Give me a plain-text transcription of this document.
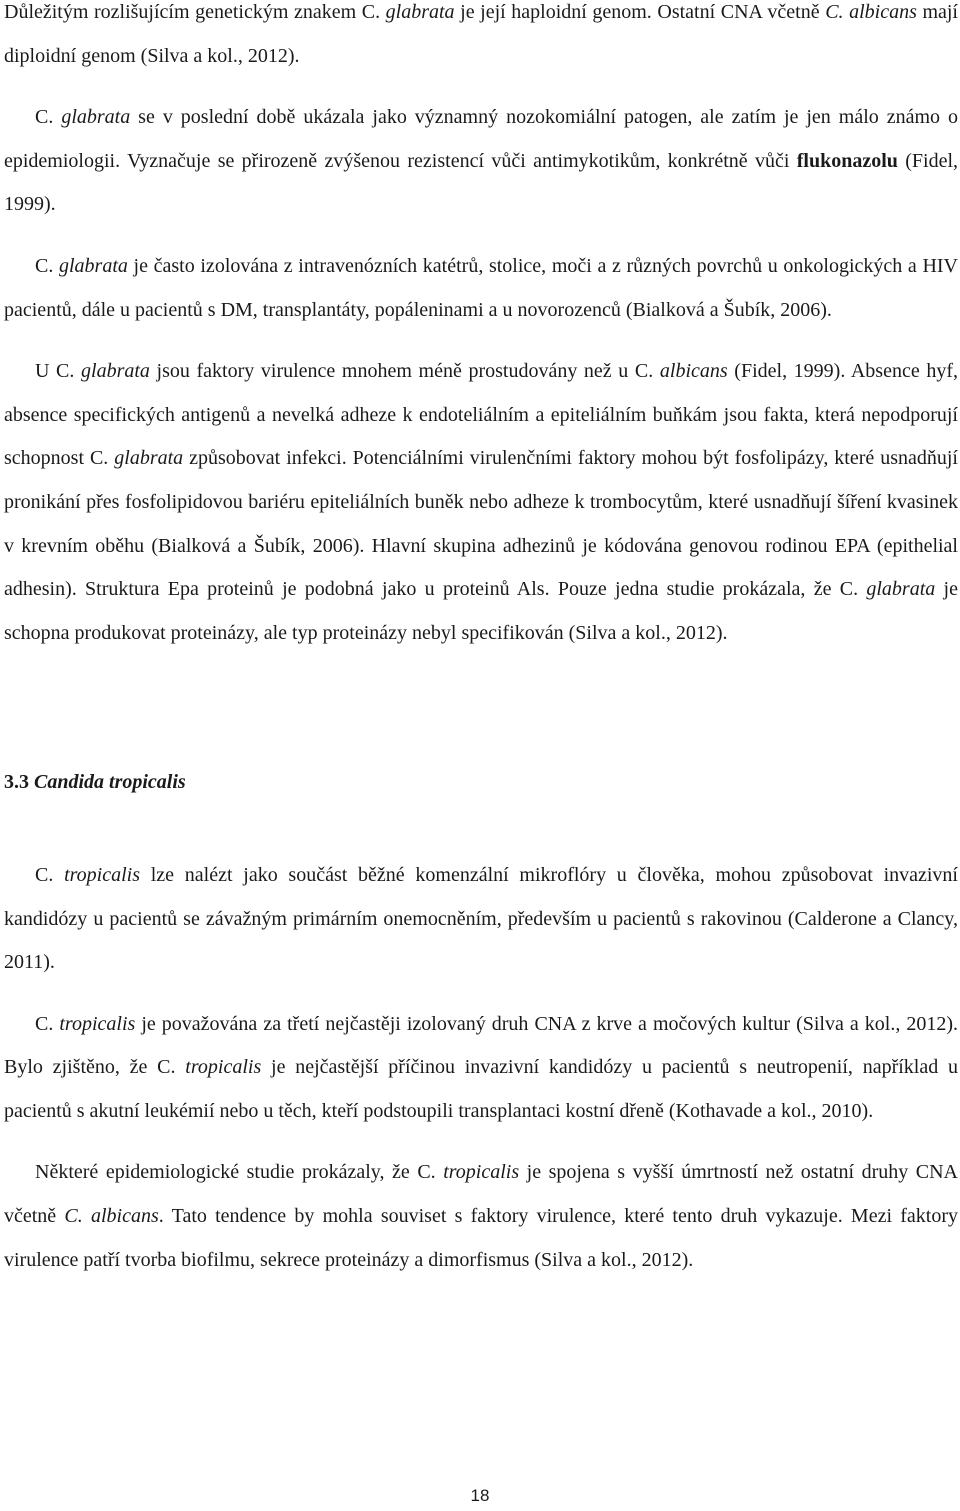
Důležitým rozlišujícím genetickým znakem C. glabrata je její haploidní genom. Ostatní CNA včetně C. albicans mají diploidní genom (Silva a kol., 2012).

C. glabrata se v poslední době ukázala jako významný nozokomiální patogen, ale zatím je jen málo známo o epidemiologii. Vyznačuje se přirozeně zvýšenou rezistencí vůči antimykotikům, konkrétně vůči flukonazolu (Fidel, 1999).

C. glabrata je často izolována z intravenózních katétrů, stolice, moči a z různých povrchů u onkologických a HIV pacientů, dále u pacientů s DM, transplantáty, popáleninami a u novorozenců (Bialková a Šubík, 2006).

U C. glabrata jsou faktory virulence mnohem méně prostudovány než u C. albicans (Fidel, 1999). Absence hyf, absence specifických antigenů a nevelká adheze k endoteliálním a epiteliálním buňkám jsou fakta, která nepodporují schopnost C. glabrata způsobovat infekci. Potenciálními virulenčními faktory mohou být fosfolipázy, které usnadňují pronikání přes fosfolipidovou bariéru epiteliálních buněk nebo adheze k trombocytům, které usnadňují šíření kvasinek v krevním oběhu (Bialková a Šubík, 2006). Hlavní skupina adhezinů je kódována genovou rodinou EPA (epithelial adhesin). Struktura Epa proteinů je podobná jako u proteinů Als. Pouze jedna studie prokázala, že C. glabrata je schopna produkovat proteinázy, ale typ proteinázy nebyl specifikován (Silva a kol., 2012).

3.3 Candida tropicalis

C. tropicalis lze nalézt jako součást běžné komenzální mikroflóry u člověka, mohou způsobovat invazivní kandidózy u pacientů se závažným primárním onemocněním, především u pacientů s rakovinou (Calderone a Clancy, 2011).

C. tropicalis je považována za třetí nejčastěji izolovaný druh CNA z krve a močových kultur (Silva a kol., 2012). Bylo zjištěno, že C. tropicalis je nejčastější příčinou invazivní kandidózy u pacientů s neutropenií, například u pacientů s akutní leukémií nebo u těch, kteří podstoupili transplantaci kostní dřeně (Kothavade a kol., 2010).

Některé epidemiologické studie prokázaly, že C. tropicalis je spojena s vyšší úmrtností než ostatní druhy CNA včetně C. albicans. Tato tendence by mohla souviset s faktory virulence, které tento druh vykazuje. Mezi faktory virulence patří tvorba biofilmu, sekrece proteinázy a dimorfismus (Silva a kol., 2012).

18
